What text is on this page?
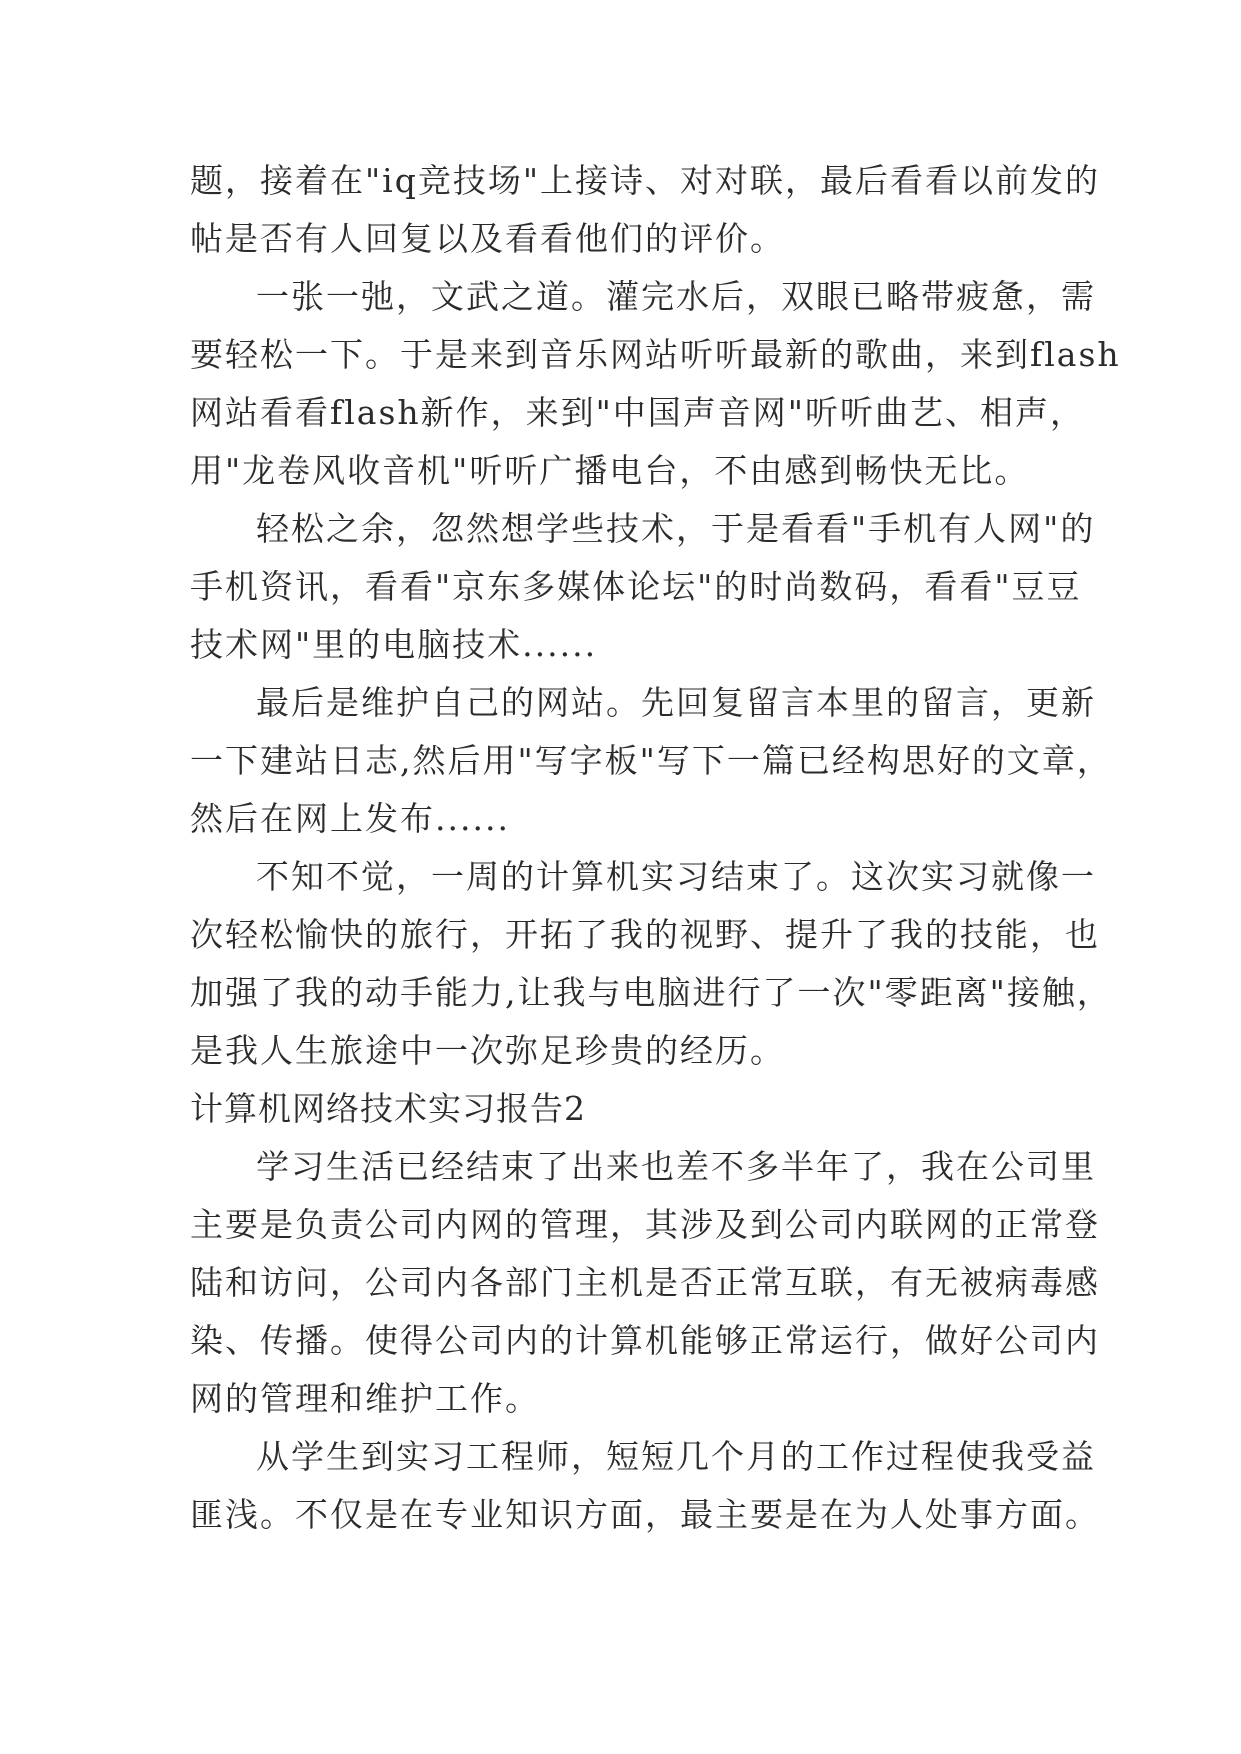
题，接着在"iq竞技场"上接诗、对对联，最后看看以前发的
帖是否有人回复以及看看他们的评价。
一张一弛，文武之道。灌完水后，双眼已略带疲惫，需
要轻松一下。于是来到音乐网站听听最新的歌曲，来到flash
网站看看flash新作，来到"中国声音网"听听曲艺、相声，
用"龙卷风收音机"听听广播电台，不由感到畅快无比。
轻松之余，忽然想学些技术，于是看看"手机有人网"的
手机资讯，看看"京东多媒体论坛"的时尚数码，看看"豆豆
技术网"里的电脑技术......
最后是维护自己的网站。先回复留言本里的留言，更新
一下建站日志,然后用"写字板"写下一篇已经构思好的文章，
然后在网上发布......
不知不觉，一周的计算机实习结束了。这次实习就像一
次轻松愉快的旅行，开拓了我的视野、提升了我的技能，也
加强了我的动手能力,让我与电脑进行了一次"零距离"接触，
是我人生旅途中一次弥足珍贵的经历。
计算机网络技术实习报告2
学习生活已经结束了出来也差不多半年了，我在公司里
主要是负责公司内网的管理，其涉及到公司内联网的正常登
陆和访问，公司内各部门主机是否正常互联，有无被病毒感
染、传播。使得公司内的计算机能够正常运行，做好公司内
网的管理和维护工作。
从学生到实习工程师，短短几个月的工作过程使我受益
匪浅。不仅是在专业知识方面，最主要是在为人处事方面。
